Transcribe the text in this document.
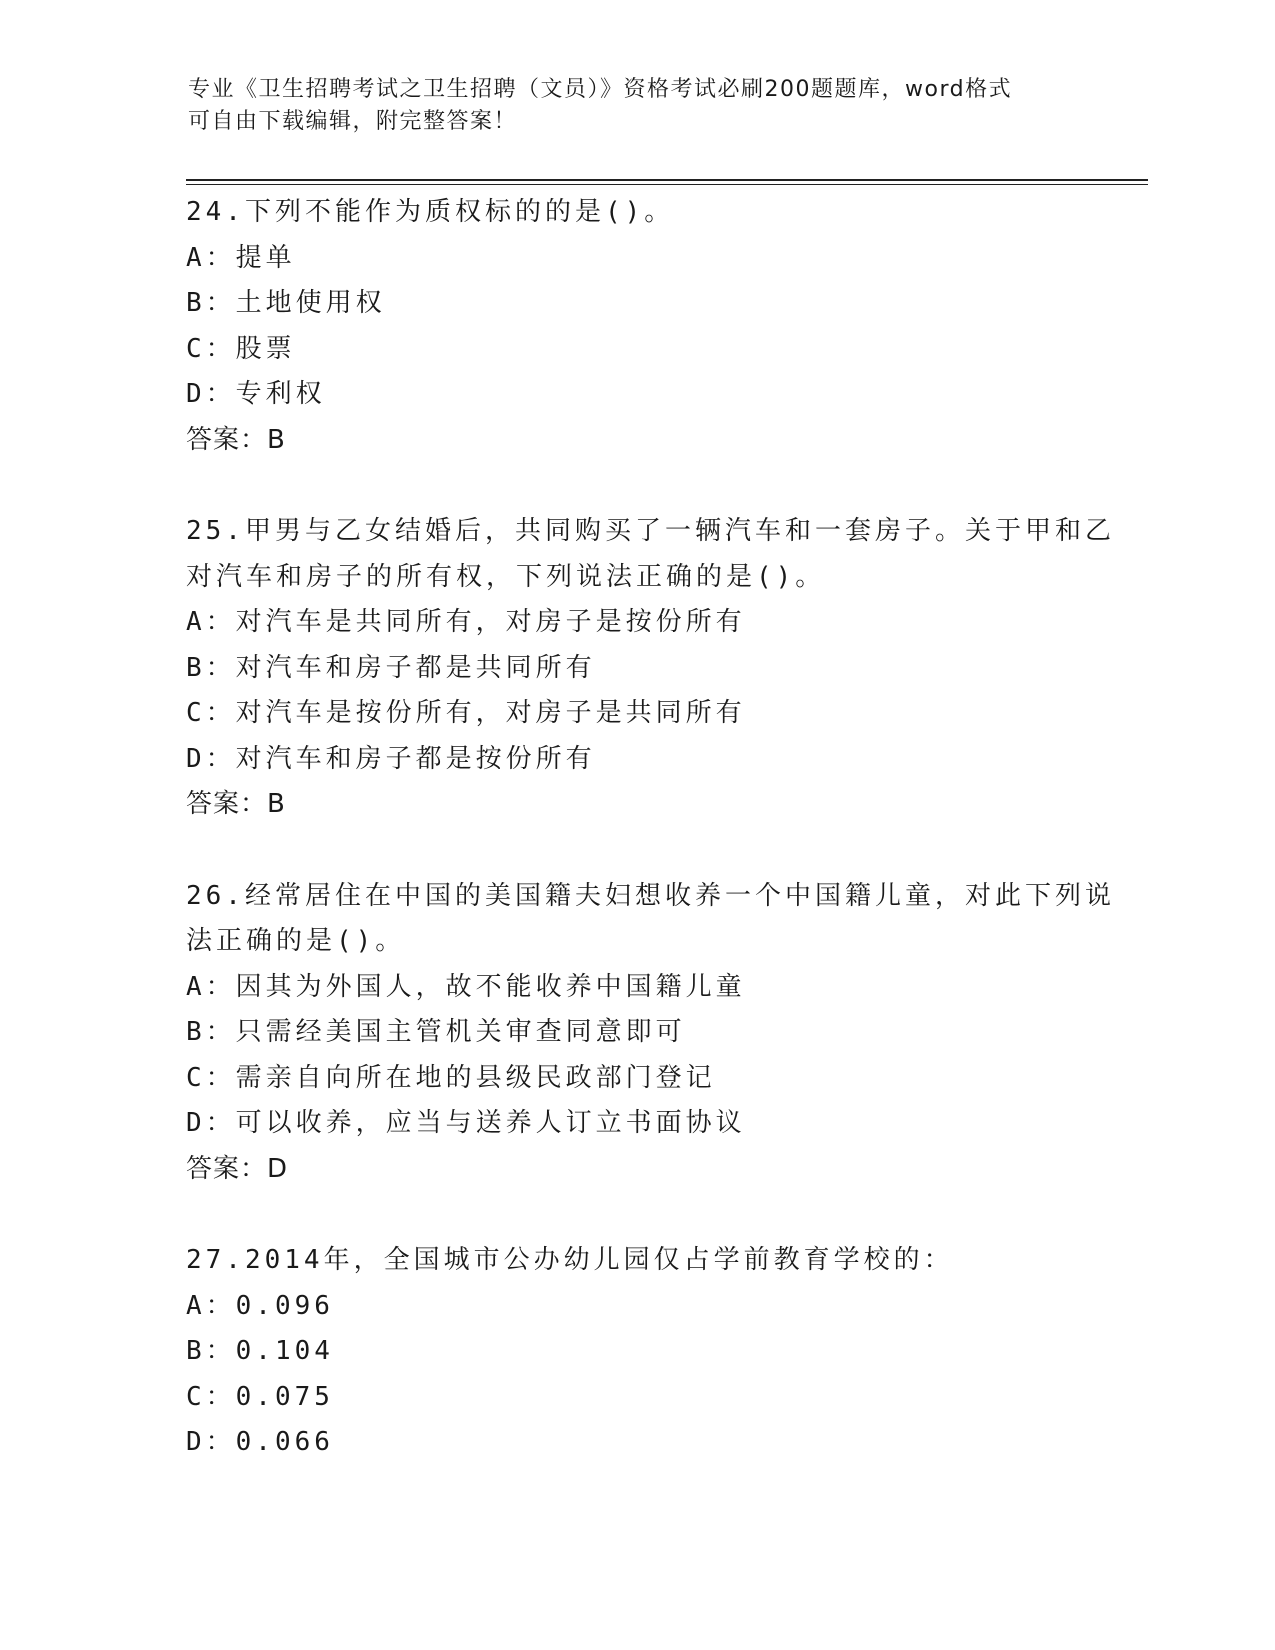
专业《卫生招聘考试之卫生招聘（文员）》资格考试必刷200题题库，word格式
可自由下载编辑，附完整答案！
24.下列不能作为质权标的的是()。
A：提单
B：土地使用权
C：股票
D：专利权
答案：B
25.甲男与乙女结婚后，共同购买了一辆汽车和一套房子。关于甲和乙
对汽车和房子的所有权，下列说法正确的是()。
A：对汽车是共同所有，对房子是按份所有
B：对汽车和房子都是共同所有
C：对汽车是按份所有，对房子是共同所有
D：对汽车和房子都是按份所有
答案：B
26.经常居住在中国的美国籍夫妇想收养一个中国籍儿童，对此下列说
法正确的是()。
A：因其为外国人，故不能收养中国籍儿童
B：只需经美国主管机关审查同意即可
C：需亲自向所在地的县级民政部门登记
D：可以收养，应当与送养人订立书面协议
答案：D
27.2014年，全国城市公办幼儿园仅占学前教育学校的：
A：0.096
B：0.104
C：0.075
D：0.066
